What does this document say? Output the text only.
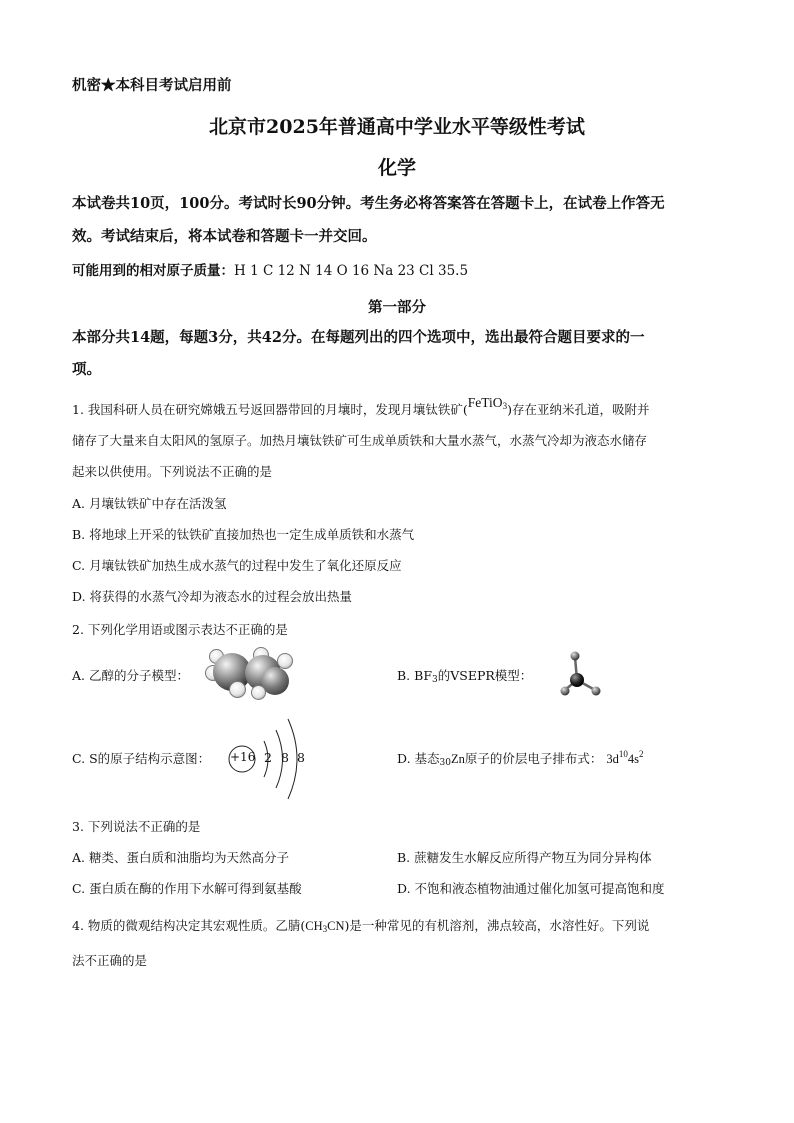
机密★本科目考试启用前
北京市2025年普通高中学业水平等级性考试
化学
本试卷共10页，100分。考试时长90分钟。考生务必将答案答在答题卡上，在试卷上作答无
效。考试结束后，将本试卷和答题卡一并交回。
可能用到的相对原子质量：H 1 C 12 N 14 O 16 Na 23 Cl 35.5
第一部分
本部分共14题，每题3分，共42分。在每题列出的四个选项中，选出最符合题目要求的一
项。
1. 我国科研人员在研究嫦娥五号返回器带回的月壤时，发现月壤钛铁矿(FeTiO$_3$)存在亚纳米孔道，吸附并
储存了大量来自太阳风的氢原子。加热月壤钛铁矿可生成单质铁和大量水蒸气，水蒸气冷却为液态水储存
起来以供使用。下列说法不正确的是
A. 月壤钛铁矿中存在活泼氢
B. 将地球上开采的钛铁矿直接加热也一定生成单质铁和水蒸气
C. 月壤钛铁矿加热生成水蒸气的过程中发生了氧化还原反应
D. 将获得的水蒸气冷却为液态水的过程会放出热量
2. 下列化学用语或图示表达不正确的是
A. 乙醇的分子模型：	B. $BF_3$的VSEPR模型：
C. S的原子结构示意图： +16 2 8 8	D. 基态$_{30}$Zn原子的价层电子排布式： $3d^{10}4s^2$
3. 下列说法不正确的是
A. 糖类、蛋白质和油脂均为天然高分子	B. 蔗糖发生水解反应所得产物互为同分异构体
C. 蛋白质在酶的作用下水解可得到氨基酸	D. 不饱和液态植物油通过催化加氢可提高饱和度
4. 物质的微观结构决定其宏观性质。乙腈$(CH_3CN)$是一种常见的有机溶剂，沸点较高，水溶性好。下列说
法不正确的是
